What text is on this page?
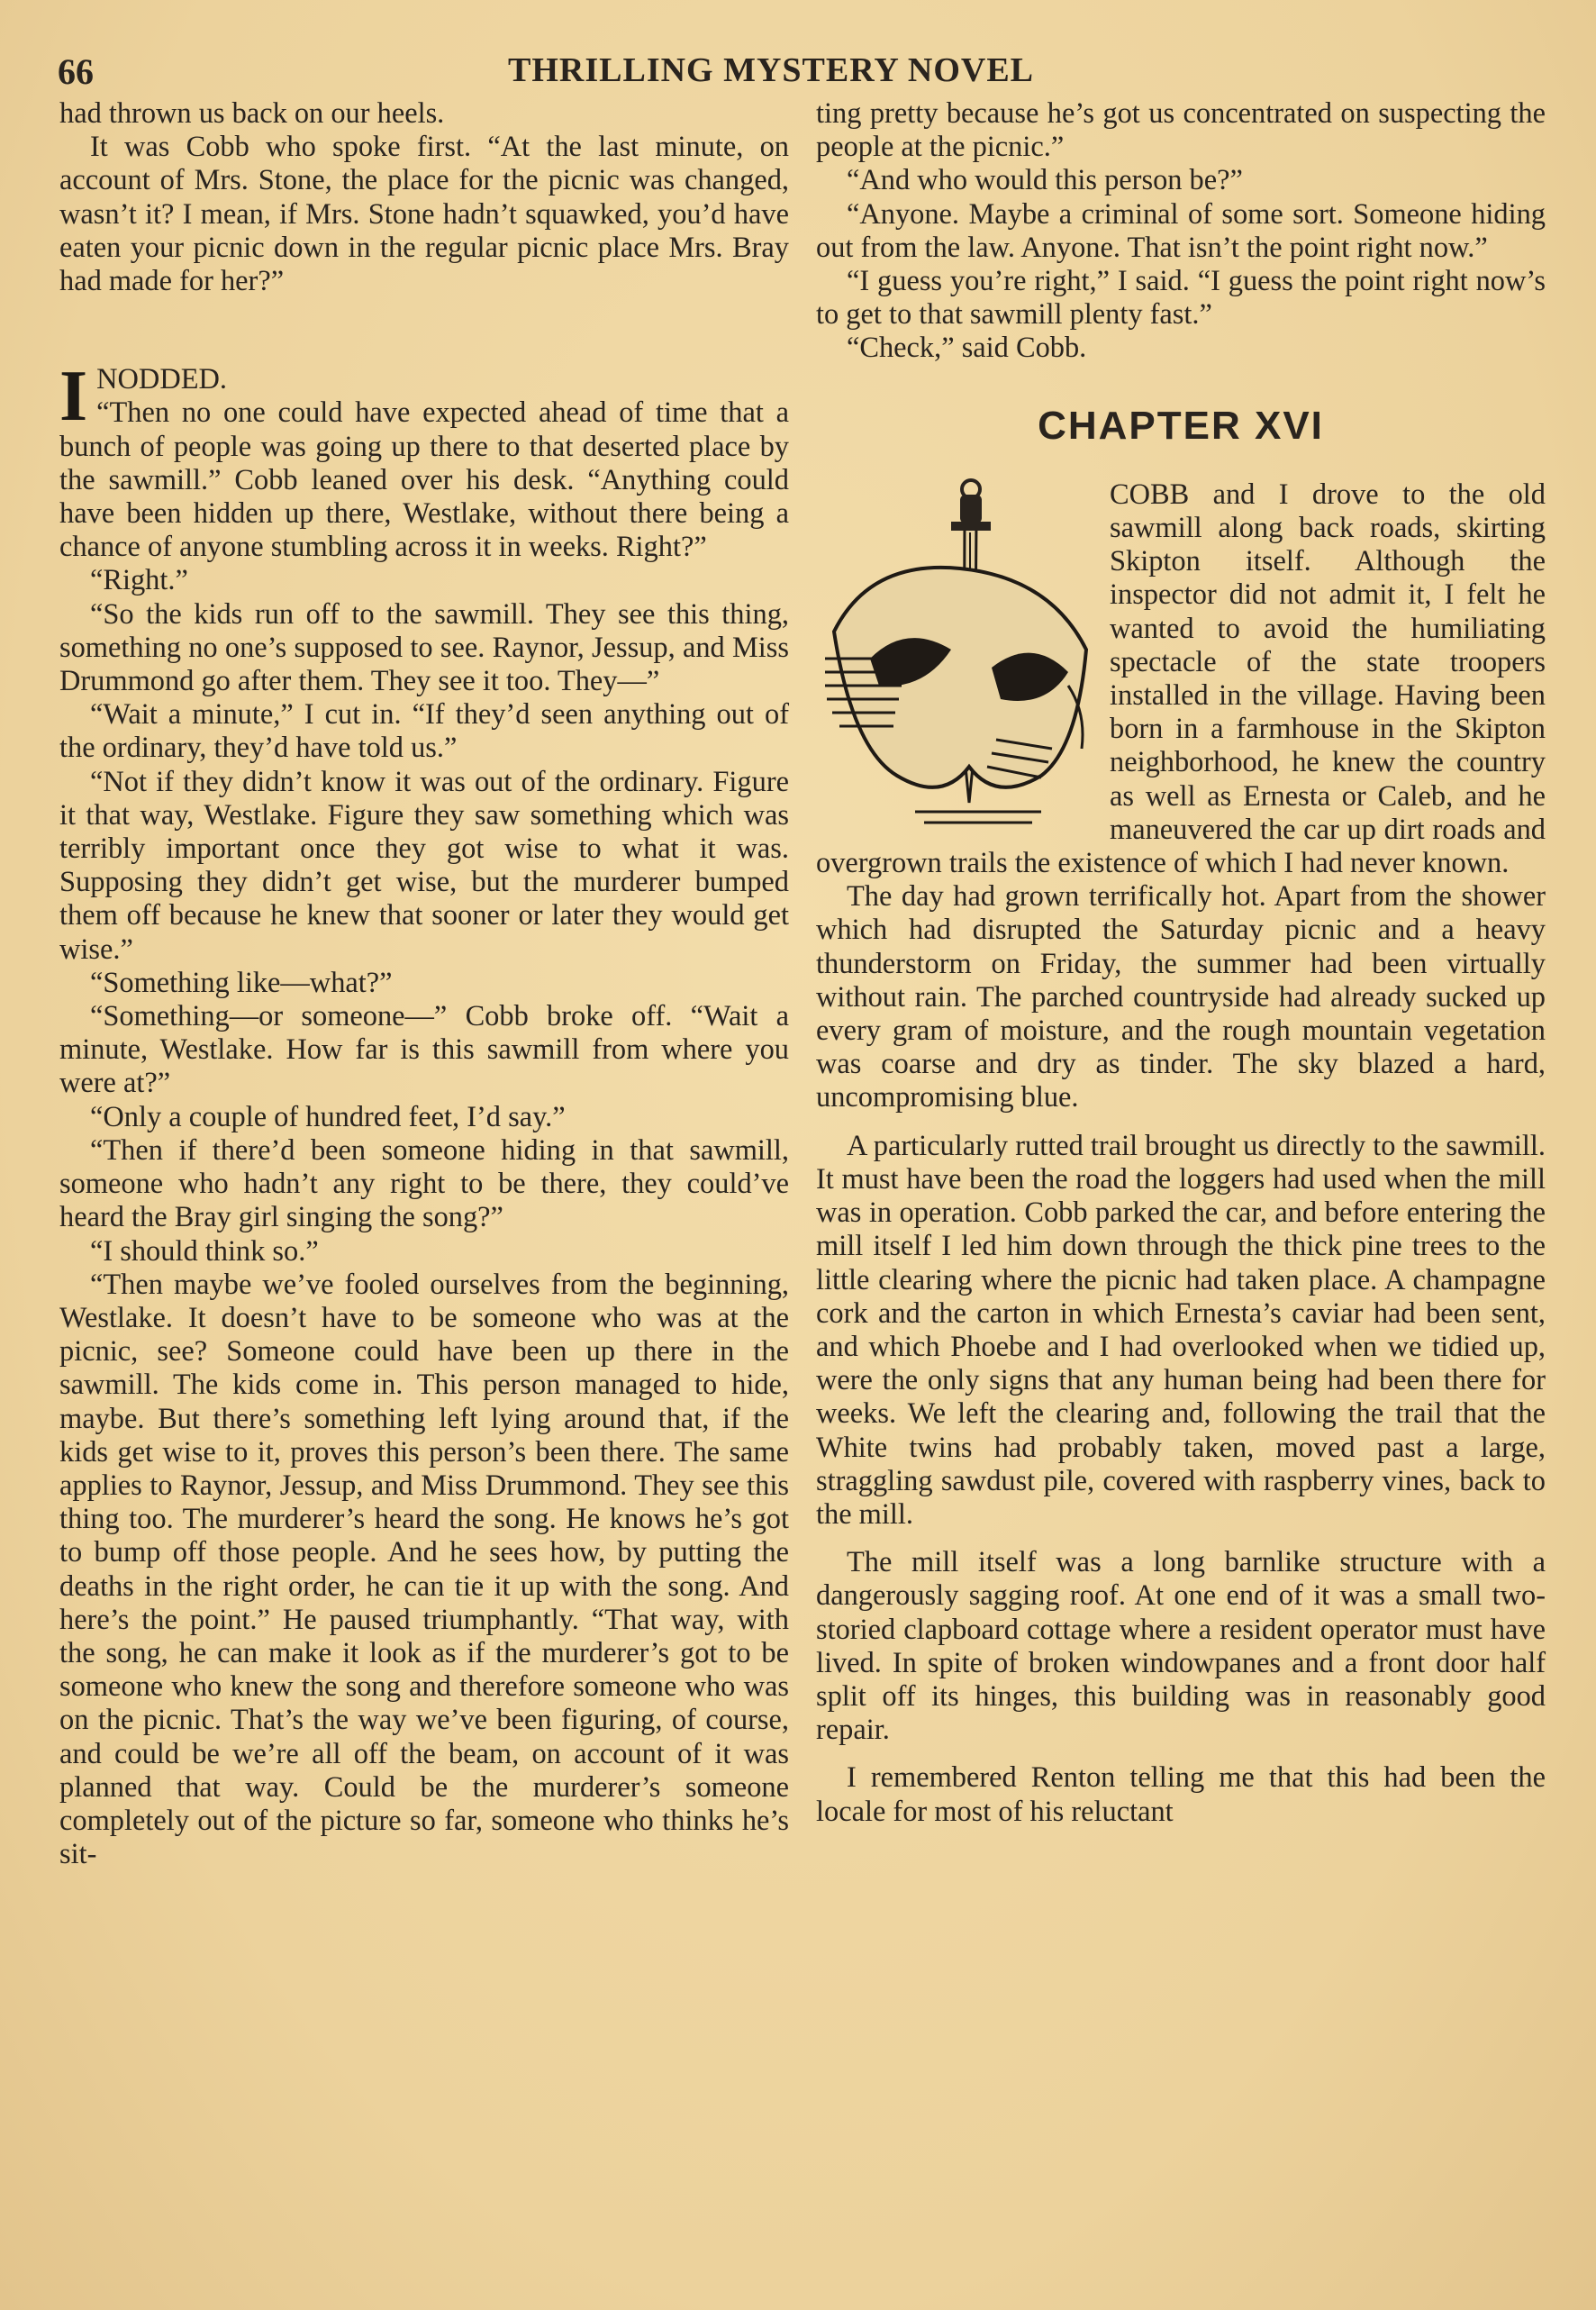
66	THRILLING MYSTERY NOVEL

had thrown us back on our heels.

It was Cobb who spoke first. “At the last minute, on account of Mrs. Stone, the place for the picnic was changed, wasn’t it? I mean, if Mrs. Stone hadn’t squawked, you’d have eaten your picnic down in the regular picnic place Mrs. Bray had made for her?”

I NODDED.
“Then no one could have expected ahead of time that a bunch of people was going up there to that deserted place by the sawmill.” Cobb leaned over his desk. “Anything could have been hidden up there, Westlake, without there being a chance of anyone stumbling across it in weeks. Right?”

“Right.”

“So the kids run off to the sawmill. They see this thing, something no one’s supposed to see. Raynor, Jessup, and Miss Drummond go after them. They see it too. They—”

“Wait a minute,” I cut in. “If they’d seen anything out of the ordinary, they’d have told us.”

“Not if they didn’t know it was out of the ordinary. Figure it that way, Westlake. Figure they saw something which was terribly important once they got wise to what it was. Supposing they didn’t get wise, but the murderer bumped them off because he knew that sooner or later they would get wise.”

“Something like—what?”

“Something—or someone—” Cobb broke off. “Wait a minute, Westlake. How far is this sawmill from where you were at?”

“Only a couple of hundred feet, I’d say.”

“Then if there’d been someone hiding in that sawmill, someone who hadn’t any right to be there, they could’ve heard the Bray girl singing the song?”

“I should think so.”

“Then maybe we’ve fooled ourselves from the beginning, Westlake. It doesn’t have to be someone who was at the picnic, see? Someone could have been up there in the sawmill. The kids come in. This person managed to hide, maybe. But there’s something left lying around that, if the kids get wise to it, proves this person’s been there. The same applies to Raynor, Jessup, and Miss Drummond. They see this thing too. The murderer’s heard the song. He knows he’s got to bump off those people. And he sees how, by putting the deaths in the right order, he can tie it up with the song. And here’s the point.” He paused triumphantly. “That way, with the song, he can make it look as if the murderer’s got to be someone who knew the song and therefore someone who was on the picnic. That’s the way we’ve been figuring, of course, and could be we’re all off the beam, on account of it was planned that way. Could be the murderer’s someone completely out of the picture so far, someone who thinks he’s sit-

ting pretty because he’s got us concentrated on suspecting the people at the picnic.”

“And who would this person be?”

“Anyone. Maybe a criminal of some sort. Someone hiding out from the law. Anyone. That isn’t the point right now.”

“I guess you’re right,” I said. “I guess the point right now’s to get to that sawmill plenty fast.”

“Check,” said Cobb.

CHAPTER XVI

COBB and I drove to the old sawmill along back roads, skirting Skipton itself. Although the inspector did not admit it, I felt he wanted to avoid the humiliating spectacle of the state troopers installed in the village. Having been born in a farmhouse in the Skipton neighborhood, he knew the country as well as Ernesta or Caleb, and he maneuvered the car up dirt roads and overgrown trails the existence of which I had never known.

The day had grown terrifically hot. Apart from the shower which had disrupted the Saturday picnic and a heavy thunderstorm on Friday, the summer had been virtually without rain. The parched countryside had already sucked up every gram of moisture, and the rough mountain vegetation was coarse and dry as tinder. The sky blazed a hard, uncompromising blue.

A particularly rutted trail brought us directly to the sawmill. It must have been the road the loggers had used when the mill was in operation. Cobb parked the car, and before entering the mill itself I led him down through the thick pine trees to the little clearing where the picnic had taken place. A champagne cork and the carton in which Ernesta’s caviar had been sent, and which Phoebe and I had overlooked when we tidied up, were the only signs that any human being had been there for weeks. We left the clearing and, following the trail that the White twins had probably taken, moved past a large, straggling sawdust pile, covered with raspberry vines, back to the mill.

The mill itself was a long barnlike structure with a dangerously sagging roof. At one end of it was a small two-storied clapboard cottage where a resident operator must have lived. In spite of broken windowpanes and a front door half split off its hinges, this building was in reasonably good repair.

I remembered Renton telling me that this had been the locale for most of his reluctant
